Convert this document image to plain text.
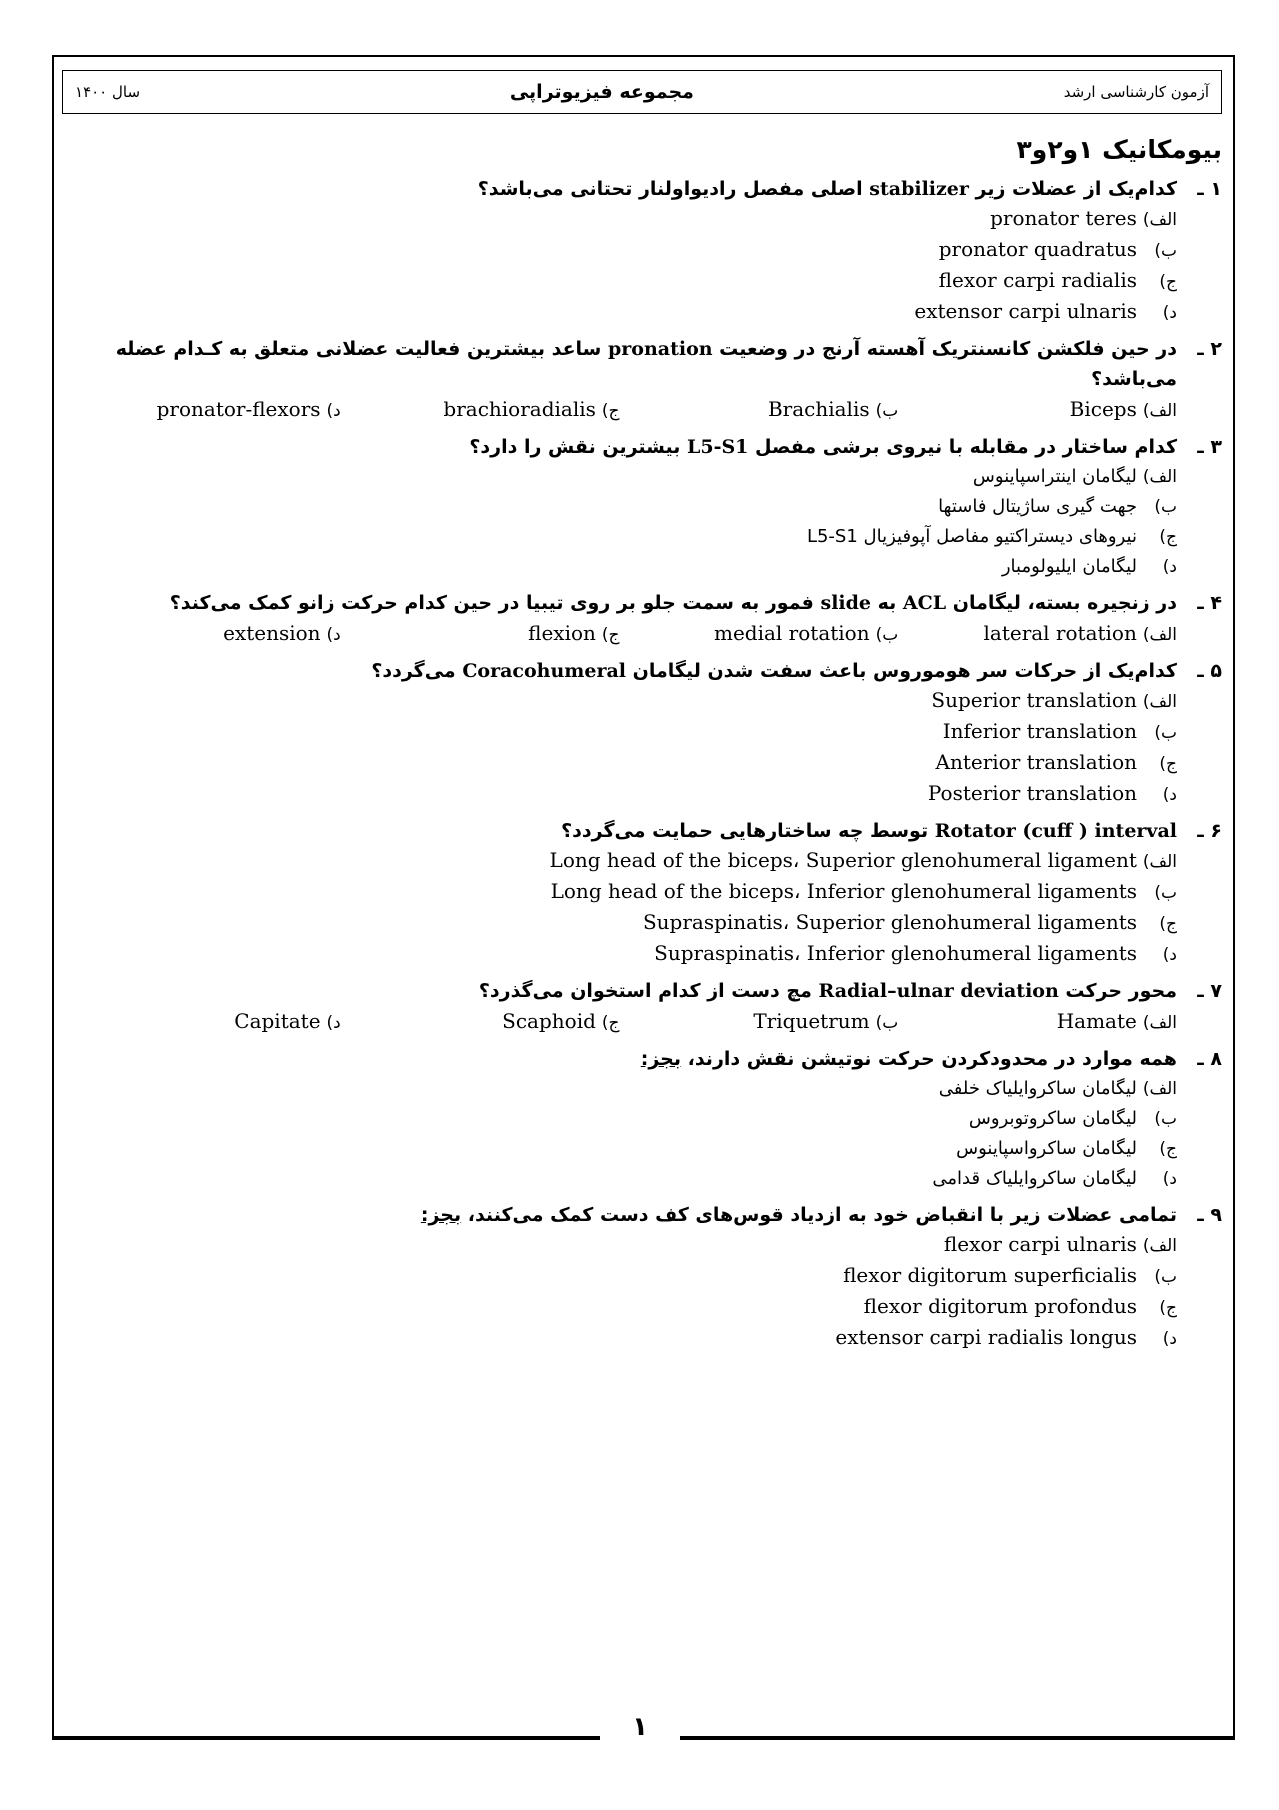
آزمون کارشناسی ارشد
مجموعه فیزیوتراپی
سال ۱۴۰۰
بیومکانیک ۱و۲و۳
۱ ـ
کدام‌یک از عضلات زیر stabilizer اصلی مفصل رادیواولنار تحتانی می‌باشد؟
الف)
pronator teres
ب)
pronator quadratus
ج)
flexor carpi radialis
د)
extensor carpi ulnaris
۲ ـ
در حین فلکشن کانسنتریک آهسته آرنج در وضعیت pronation ساعد بیشترین فعالیت عضلانی متعلق به کـدام عضله می‌باشد؟
الف)
Biceps
ب)
Brachialis
ج)
brachioradialis
د)
pronator-flexors
۳ ـ
کدام ساختار در مقابله با نیروی برشی مفصل L5-S1 بیشترین نقش را دارد؟
الف)
لیگامان اینتراسپاینوس
ب)
جهت گیری ساژیتال فاستها
ج)
نیروهای دیستراکتیو مفاصل آپوفیزیال L5-S1
د)
لیگامان ایلیولومبار
۴ ـ
در زنجیره بسته، لیگامان ACL به slide فمور به سمت جلو بر روی تیبیا در حین کدام حرکت زانو کمک می‌کند؟
الف)
lateral rotation
ب)
medial rotation
ج)
flexion
د)
extension
۵ ـ
کدام‌یک از حرکات سر هوموروس باعث سفت شدن لیگامان Coracohumeral می‌گردد؟
الف)
Superior translation
ب)
Inferior translation
ج)
Anterior translation
د)
Posterior translation
۶ ـ
Rotator (cuff ) interval توسط چه ساختارهایی حمایت می‌گردد؟
الف)
Long head of the biceps، Superior glenohumeral ligament
ب)
Long head of the biceps، Inferior glenohumeral ligaments
ج)
Supraspinatis، Superior glenohumeral ligaments
د)
Supraspinatis، Inferior glenohumeral ligaments
۷ ـ
محور حرکت Radial–ulnar deviation مچ دست از کدام استخوان می‌گذرد؟
الف)
Hamate
ب)
Triquetrum
ج)
Scaphoid
د)
Capitate
۸ ـ
همه موارد در محدودکردن حرکت نوتیشن نقش دارند، بجز:
الف)
لیگامان ساکروایلیاک خلفی
ب)
لیگامان ساکروتوبروس
ج)
لیگامان ساکرواسپاینوس
د)
لیگامان ساکروایلیاک قدامی
۹ ـ
تمامی عضلات زیر با انقباض خود به ازدیاد قوس‌های کف دست کمک می‌کنند، بجز:
الف)
flexor carpi ulnaris
ب)
flexor digitorum superficialis
ج)
flexor digitorum profondus
د)
extensor carpi radialis longus
۱
